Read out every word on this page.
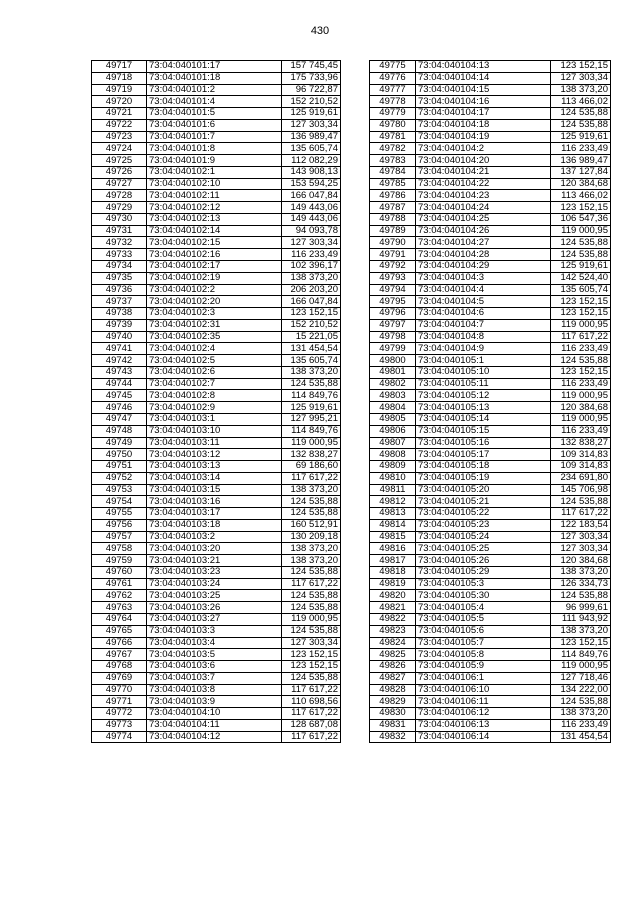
430
49717	73:04:040101:17	157 745,45
49718	73:04:040101:18	175 733,96
49719	73:04:040101:2	96 722,87
49720	73:04:040101:4	152 210,52
49721	73:04:040101:5	125 919,61
49722	73:04:040101:6	127 303,34
49723	73:04:040101:7	136 989,47
49724	73:04:040101:8	135 605,74
49725	73:04:040101:9	112 082,29
49726	73:04:040102:1	143 908,13
49727	73:04:040102:10	153 594,25
49728	73:04:040102:11	166 047,84
49729	73:04:040102:12	149 443,06
49730	73:04:040102:13	149 443,06
49731	73:04:040102:14	94 093,78
49732	73:04:040102:15	127 303,34
49733	73:04:040102:16	116 233,49
49734	73:04:040102:17	102 396,17
49735	73:04:040102:19	138 373,20
49736	73:04:040102:2	206 203,20
49737	73:04:040102:20	166 047,84
49738	73:04:040102:3	123 152,15
49739	73:04:040102:31	152 210,52
49740	73:04:040102:35	15 221,05
49741	73:04:040102:4	131 454,54
49742	73:04:040102:5	135 605,74
49743	73:04:040102:6	138 373,20
49744	73:04:040102:7	124 535,88
49745	73:04:040102:8	114 849,76
49746	73:04:040102:9	125 919,61
49747	73:04:040103:1	127 995,21
49748	73:04:040103:10	114 849,76
49749	73:04:040103:11	119 000,95
49750	73:04:040103:12	132 838,27
49751	73:04:040103:13	69 186,60
49752	73:04:040103:14	117 617,22
49753	73:04:040103:15	138 373,20
49754	73:04:040103:16	124 535,88
49755	73:04:040103:17	124 535,88
49756	73:04:040103:18	160 512,91
49757	73:04:040103:2	130 209,18
49758	73:04:040103:20	138 373,20
49759	73:04:040103:21	138 373,20
49760	73:04:040103:23	124 535,88
49761	73:04:040103:24	117 617,22
49762	73:04:040103:25	124 535,88
49763	73:04:040103:26	124 535,88
49764	73:04:040103:27	119 000,95
49765	73:04:040103:3	124 535,88
49766	73:04:040103:4	127 303,34
49767	73:04:040103:5	123 152,15
49768	73:04:040103:6	123 152,15
49769	73:04:040103:7	124 535,88
49770	73:04:040103:8	117 617,22
49771	73:04:040103:9	110 698,56
49772	73:04:040104:10	117 617,22
49773	73:04:040104:11	128 687,08
49774	73:04:040104:12	117 617,22
49775	73:04:040104:13	123 152,15
49776	73:04:040104:14	127 303,34
49777	73:04:040104:15	138 373,20
49778	73:04:040104:16	113 466,02
49779	73:04:040104:17	124 535,88
49780	73:04:040104:18	124 535,88
49781	73:04:040104:19	125 919,61
49782	73:04:040104:2	116 233,49
49783	73:04:040104:20	136 989,47
49784	73:04:040104:21	137 127,84
49785	73:04:040104:22	120 384,68
49786	73:04:040104:23	113 466,02
49787	73:04:040104:24	123 152,15
49788	73:04:040104:25	106 547,36
49789	73:04:040104:26	119 000,95
49790	73:04:040104:27	124 535,88
49791	73:04:040104:28	124 535,88
49792	73:04:040104:29	125 919,61
49793	73:04:040104:3	142 524,40
49794	73:04:040104:4	135 605,74
49795	73:04:040104:5	123 152,15
49796	73:04:040104:6	123 152,15
49797	73:04:040104:7	119 000,95
49798	73:04:040104:8	117 617,22
49799	73:04:040104:9	116 233,49
49800	73:04:040105:1	124 535,88
49801	73:04:040105:10	123 152,15
49802	73:04:040105:11	116 233,49
49803	73:04:040105:12	119 000,95
49804	73:04:040105:13	120 384,68
49805	73:04:040105:14	119 000,95
49806	73:04:040105:15	116 233,49
49807	73:04:040105:16	132 838,27
49808	73:04:040105:17	109 314,83
49809	73:04:040105:18	109 314,83
49810	73:04:040105:19	234 691,80
49811	73:04:040105:20	145 706,98
49812	73:04:040105:21	124 535,88
49813	73:04:040105:22	117 617,22
49814	73:04:040105:23	122 183,54
49815	73:04:040105:24	127 303,34
49816	73:04:040105:25	127 303,34
49817	73:04:040105:26	120 384,68
49818	73:04:040105:29	138 373,20
49819	73:04:040105:3	126 334,73
49820	73:04:040105:30	124 535,88
49821	73:04:040105:4	96 999,61
49822	73:04:040105:5	111 943,92
49823	73:04:040105:6	138 373,20
49824	73:04:040105:7	123 152,15
49825	73:04:040105:8	114 849,76
49826	73:04:040105:9	119 000,95
49827	73:04:040106:1	127 718,46
49828	73:04:040106:10	134 222,00
49829	73:04:040106:11	124 535,88
49830	73:04:040106:12	138 373,20
49831	73:04:040106:13	116 233,49
49832	73:04:040106:14	131 454,54
